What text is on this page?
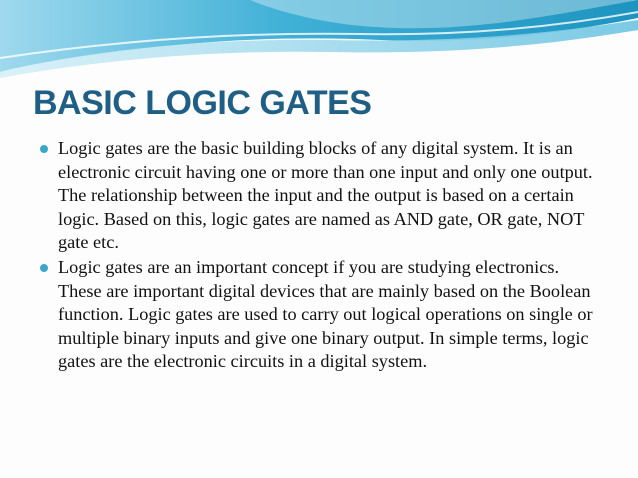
BASIC LOGIC GATES
Logic gates are the basic building blocks of any digital system. It is an electronic circuit having one or more than one input and only one output. The relationship between the input and the output is based on a certain logic. Based on this, logic gates are named as AND gate, OR gate, NOT gate etc.
Logic gates are an important concept if you are studying electronics. These are important digital devices that are mainly based on the Boolean function. Logic gates are used to carry out logical operations on single or multiple binary inputs and give one binary output. In simple terms, logic gates are the electronic circuits in a digital system.
